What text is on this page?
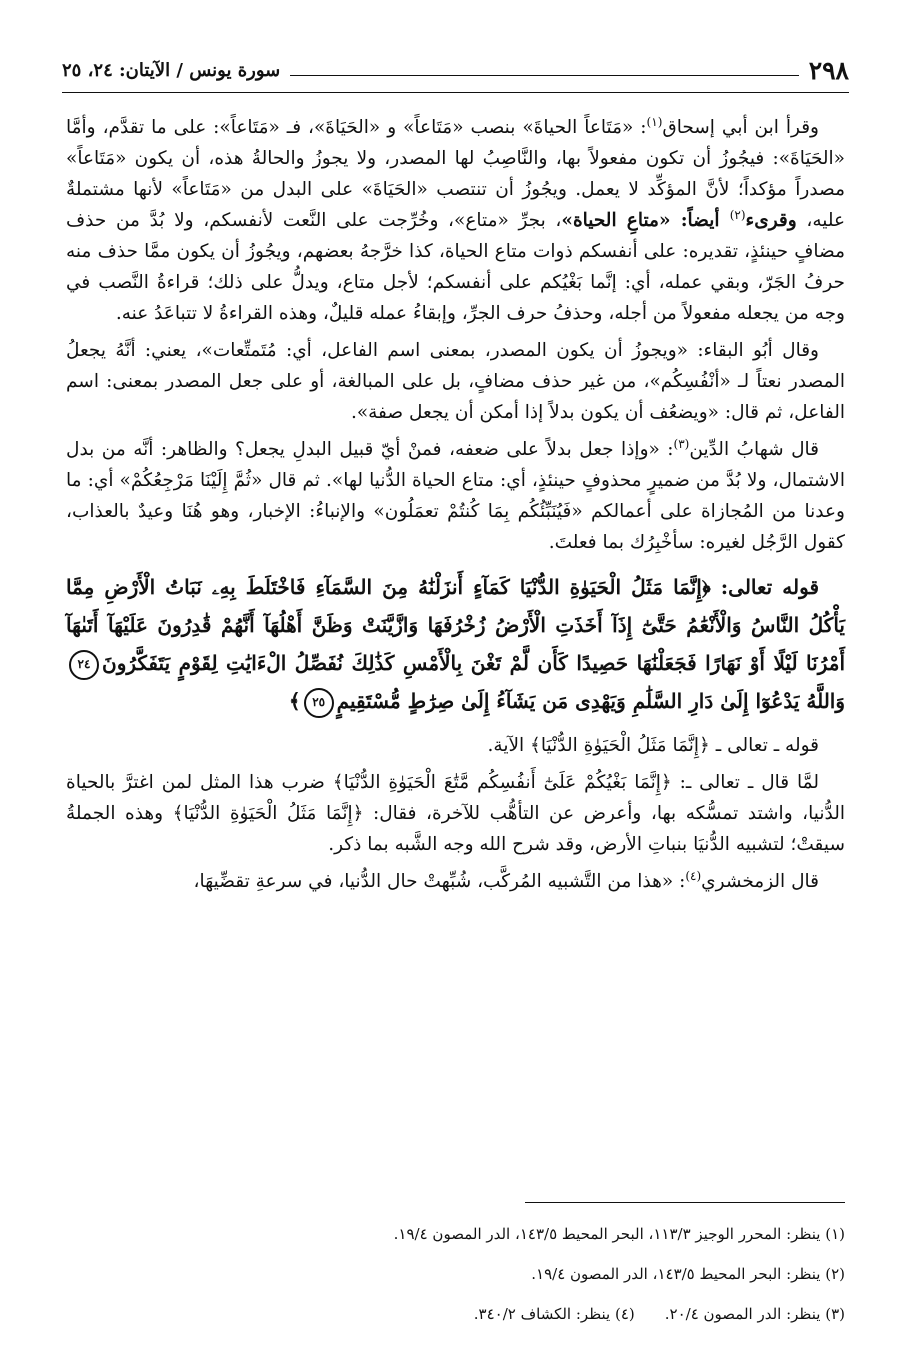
٢٩٨
سورة يونس / الآيتان: ٢٤، ٢٥

وقرأ ابن أبي إسحاق$^{(١)}$: «مَتَاعاً الحياةَ» بنصب «مَتَاعاً» و «الحَيَاةَ»، فـ «مَتَاعاً»: على ما تقدَّم، وأمَّا «الحَيَاةَ»: فيجُوزُ أن تكون مفعولاً بها، والنَّاصِبُ لها المصدر، ولا يجوزُ والحالةُ هذه، أن يكون «مَتَاعاً» مصدراً مؤكداً؛ لأنَّ المؤكِّد لا يعمل. ويجُوزُ أن تنتصب «الحَيَاةَ» على البدل من «مَتَاعاً» لأنها مشتملةٌ عليه، وقرىء$^{(٢)}$ أيضاً: «متاعِ الحياة»، بجرِّ «متاع»، وخُرِّجت على النَّعت لأنفسكم، ولا بُدَّ من حذف مضافٍ حينئذٍ، تقديره: على أنفسكم ذوات متاع الحياة، كذا خرَّجهُ بعضهم، ويجُوزُ أن يكون ممَّا حذف منه حرفُ الجَرّ، وبقي عمله، أي: إنَّما بَغْيُكم على أنفسكم؛ لأجل متاع، ويدلُّ على ذلك؛ قراءةُ النَّصب في وجه من يجعله مفعولاً من أجله، وحذفُ حرف الجرِّ، وإبقاءُ عمله قليلٌ، وهذه القراءةُ لا تتباعَدُ عنه.

وقال أبُو البقاء: «ويجوزُ أن يكون المصدر، بمعنى اسم الفاعل، أي: مُتَمتِّعات»، يعني: أنَّهُ يجعلُ المصدر نعتاً لـ «أنْفُسِكُم»، من غير حذف مضافٍ، بل على المبالغة، أو على جعل المصدر بمعنى: اسم الفاعل، ثم قال: «ويضعُف أن يكون بدلاً إذا أمكن أن يجعل صفة».

قال شهابُ الدِّين$^{(٣)}$: «وإذا جعل بدلاً على ضعفه، فمنْ أيّ قبيل البدلِ يجعل؟ والظاهر: أنَّه من بدل الاشتمال، ولا بُدَّ من ضميرٍ محذوفٍ حينئذٍ، أي: متاع الحياة الدُّنيا لها». ثم قال «ثُمَّ إِلَيْنَا مَرْجِعُكُمْ» أي: ما وعدنا من المُجازاة على أعمالكم «فَيُنَبِّئُكُم بِمَا كُنتُمْ تعمَلُون» والإنباءُ: الإخبار، وهو هُنَا وعيدٌ بالعذاب، كقول الرَّجُل لغيره: سأخْبِرُك بما فعلتَ.

قوله تعالى: ﴿إِنَّمَا مَثَلُ الْحَيَوٰةِ الدُّنْيَا كَمَآءٍ أَنزَلْنَٰهُ مِنَ السَّمَآءِ فَاخْتَلَطَ بِهِۦ نَبَاتُ الْأَرْضِ مِمَّا يَأْكُلُ النَّاسُ وَالْأَنْعَٰمُ حَتَّىٰٓ إِذَآ أَخَذَتِ الْأَرْضُ زُخْرُفَهَا وَازَّيَّنَتْ وَظَنَّ أَهْلُهَآ أَنَّهُمْ قَٰدِرُونَ عَلَيْهَآ أَتَىٰهَآ أَمْرُنَا لَيْلًا أَوْ نَهَارًا فَجَعَلْنَٰهَا حَصِيدًا كَأَن لَّمْ تَغْنَ بِالْأَمْسِ كَذَٰلِكَ نُفَصِّلُ الْءَايَٰتِ لِقَوْمٍ يَتَفَكَّرُونَ٢٤ وَاللَّهُ يَدْعُوٓا إِلَىٰ دَارِ السَّلَٰمِ وَيَهْدِى مَن يَشَآءُ إِلَىٰ صِرَٰطٍ مُّسْتَقِيمٍ٢٥﴾

قوله ـ تعالى ـ ﴿إِنَّمَا مَثَلُ الْحَيَوٰةِ الدُّنْيَا﴾ الآية.

لمَّا قال ـ تعالى ـ: ﴿إِنَّمَا بَغْيُكُمْ عَلَىٰٓ أَنفُسِكُم مَّتَٰعَ الْحَيَوٰةِ الدُّنْيَا﴾ ضرب هذا المثل لمن اغترَّ بالحياة الدُّنيا، واشتد تمسُّكه بها، وأعرض عن التأهُّب للآخرة، فقال: ﴿إِنَّمَا مَثَلُ الْحَيَوٰةِ الدُّنْيَا﴾ وهذه الجملةُ سيقتْ؛ لتشبيه الدُّنيَا بنباتِ الأرض، وقد شرح الله وجه الشَّبه بما ذكر.

قال الزمخشري$^{(٤)}$: «هذا من التَّشبيه المُركَّب، شُبِّهتْ حال الدُّنيا، في سرعةِ تقضِّيهَا،

(١) ينظر: المحرر الوجيز ١١٣/٣، البحر المحيط ١٤٣/٥، الدر المصون ١٩/٤.
(٢) ينظر: البحر المحيط ١٤٣/٥، الدر المصون ١٩/٤.
(٣) ينظر: الدر المصون ٢٠/٤.
(٤) ينظر: الكشاف ٣٤٠/٢.
